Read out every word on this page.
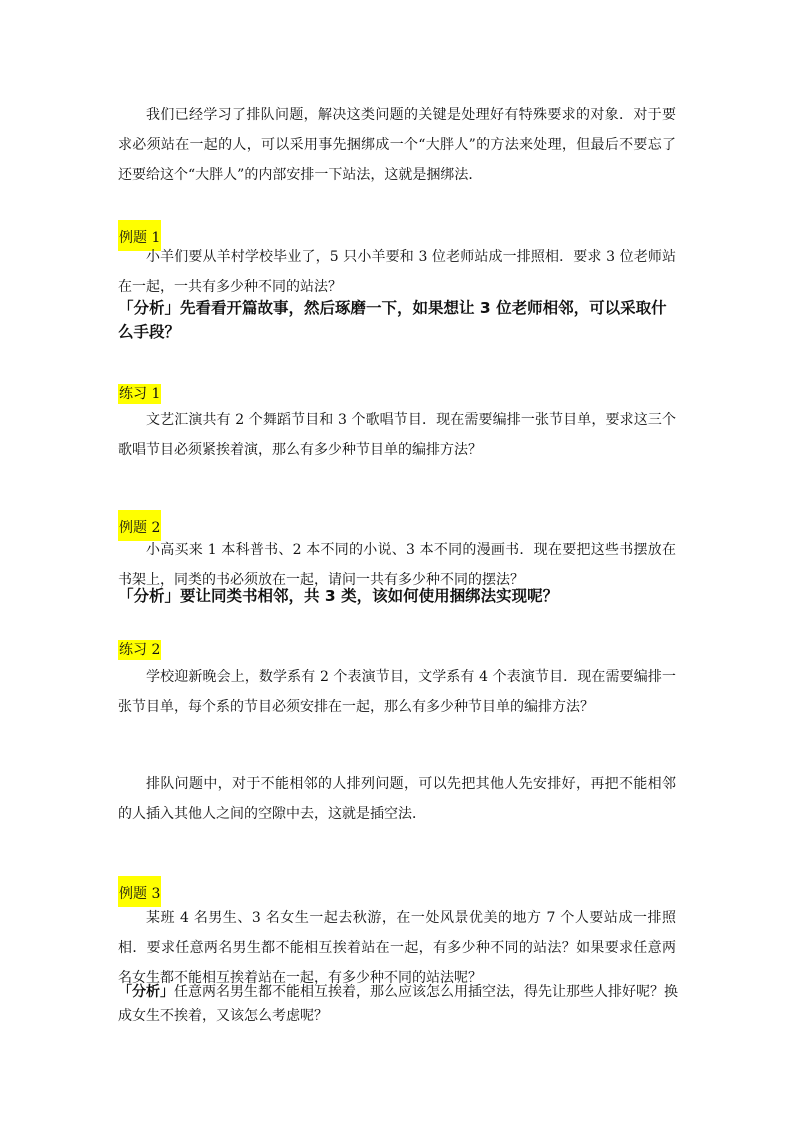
我们已经学习了排队问题，解决这类问题的关键是处理好有特殊要求的对象．对于要求必须站在一起的人，可以采用事先捆绑成一个“大胖人”的方法来处理，但最后不要忘了还要给这个“大胖人”的内部安排一下站法，这就是捆绑法．

例题 1

小羊们要从羊村学校毕业了，5 只小羊要和 3 位老师站成一排照相．要求 3 位老师站在一起，一共有多少种不同的站法？

「分析」先看看开篇故事，然后琢磨一下，如果想让 3 位老师相邻，可以采取什么手段？

练习 1

文艺汇演共有 2 个舞蹈节目和 3 个歌唱节目．现在需要编排一张节目单，要求这三个歌唱节目必须紧挨着演，那么有多少种节目单的编排方法？

例题 2

小高买来 1 本科普书、2 本不同的小说、3 本不同的漫画书．现在要把这些书摆放在书架上，同类的书必须放在一起，请问一共有多少种不同的摆法？

「分析」要让同类书相邻，共 3 类，该如何使用捆绑法实现呢？

练习 2

学校迎新晚会上，数学系有 2 个表演节目，文学系有 4 个表演节目．现在需要编排一张节目单，每个系的节目必须安排在一起，那么有多少种节目单的编排方法？

排队问题中，对于不能相邻的人排列问题，可以先把其他人先安排好，再把不能相邻的人插入其他人之间的空隙中去，这就是插空法．

例题 3

某班 4 名男生、3 名女生一起去秋游，在一处风景优美的地方 7 个人要站成一排照相．要求任意两名男生都不能相互挨着站在一起，有多少种不同的站法？如果要求任意两名女生都不能相互挨着站在一起，有多少种不同的站法呢？

「分析」任意两名男生都不能相互挨着，那么应该怎么用插空法，得先让那些人排好呢？换成女生不挨着，又该怎么考虑呢？
